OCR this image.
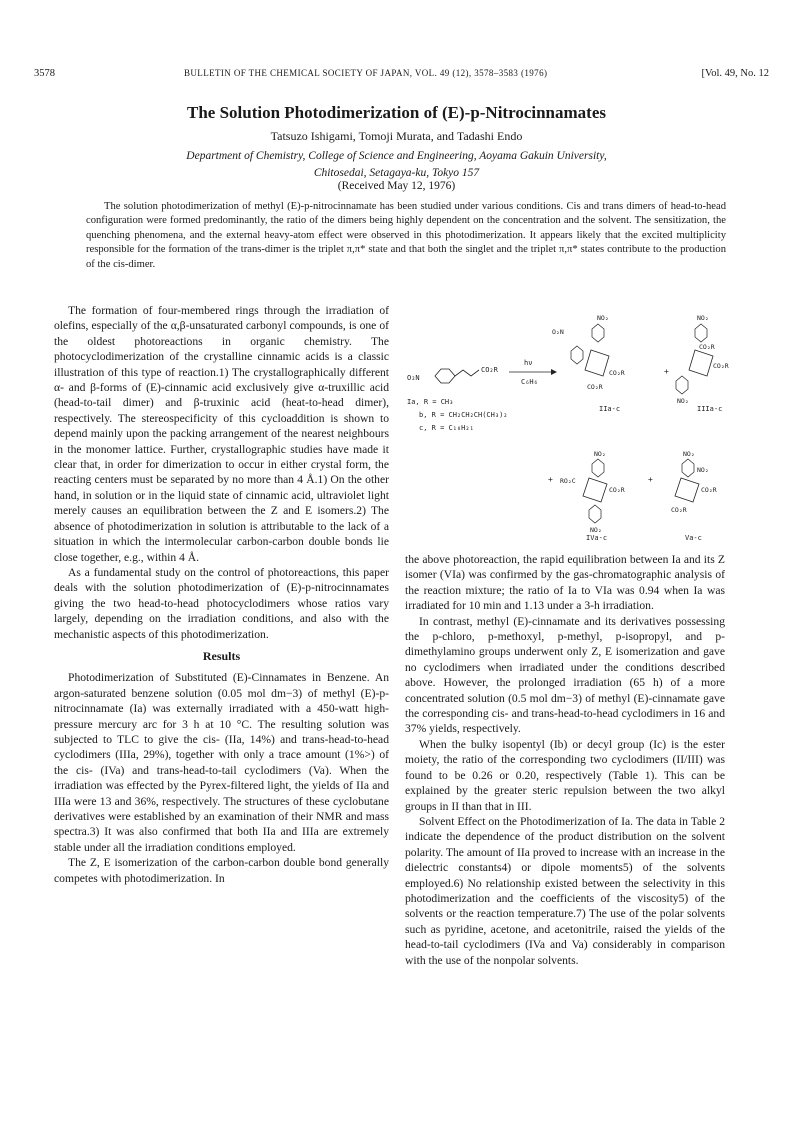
3578	BULLETIN OF THE CHEMICAL SOCIETY OF JAPAN, VOL. 49 (12), 3578–3583 (1976)	[Vol. 49, No. 12
The Solution Photodimerization of (E)-p-Nitrocinnamates
Tatsuzo Ishigami, Tomoji Murata, and Tadashi Endo
Department of Chemistry, College of Science and Engineering, Aoyama Gakuin University,
Chitosedai, Setagaya-ku, Tokyo 157
(Received May 12, 1976)
The solution photodimerization of methyl (E)-p-nitrocinnamate has been studied under various conditions. Cis and trans dimers of head-to-head configuration were formed predominantly, the ratio of the dimers being highly dependent on the concentration and the solvent. The sensitization, the quenching phenomena, and the external heavy-atom effect were observed in this photodimerization. It appears likely that the excited multiplicity responsible for the formation of the trans-dimer is the triplet π,π* state and that both the singlet and the triplet π,π* states contribute to the production of the cis-dimer.

The formation of four-membered rings through the irradiation of olefins, especially of the α,β-unsaturated carbonyl compounds, is one of the oldest photoreactions in organic chemistry. The photocyclodimerization of the crystalline cinnamic acids is a classic illustration of this type of reaction.1) The crystallographically different α- and β-forms of (E)-cinnamic acid exclusively give α-truxillic acid (head-to-tail dimer) and β-truxinic acid (heat-to-head dimer), respectively. The stereospecificity of this cycloaddition is shown to depend mainly upon the packing arrangement of the nearest neighbours in the monomer lattice. Further, crystallographic studies have made it clear that, in order for dimerization to occur in either crystal form, the reacting centers must be separated by no more than 4 Å.1) On the other hand, in solution or in the liquid state of cinnamic acid, ultraviolet light merely causes an equilibration between the Z and E isomers.2) The absence of photodimerization in solution is attributable to the lack of a situation in which the intermolecular carbon-carbon double bonds lie close together, e.g., within 4 Å.

As a fundamental study on the control of photoreactions, this paper deals with the solution photodimerization of (E)-p-nitrocinnamates giving the two head-to-head photocyclodimers whose ratios vary largely, depending on the irradiation conditions, and also with the mechanistic aspects of this photodimerization.

Results

Photodimerization of Substituted (E)-Cinnamates in Benzene. An argon-saturated benzene solution (0.05 mol dm−3) of methyl (E)-p-nitrocinnamate (Ia) was externally irradiated with a 450-watt high-pressure mercury arc for 3 h at 10 °C. The resulting solution was subjected to TLC to give the cis- (IIa, 14%) and trans-head-to-head cyclodimers (IIIa, 29%), together with only a trace amount (1%>) of the cis- (IVa) and trans-head-to-tail cyclodimers (Va). When the irradiation was effected by the Pyrex-filtered light, the yields of IIa and IIIa were 13 and 36%, respectively. The structures of these cyclobutane derivatives were established by an examination of their NMR and mass spectra.3) It was also confirmed that both IIa and IIIa are extremely stable under all the irradiation conditions employed.

The Z, E isomerization of the carbon-carbon double bond generally competes with photodimerization. In

O₂N
CO₂R
hν
C₆H₆
NO₂
O₂N
CO₂R
CO₂R
IIa-c
+
NO₂
CO₂R
CO₂R
NO₂
IIIa-c
Ia, R = CH₃
b, R = CH₂CH₂CH(CH₃)₂
c, R = C₁₀H₂₁
+
NO₂
RO₂C
CO₂R
NO₂
IVa-c
+
NO₂
NO₂
CO₂R
CO₂R
Va-c

the above photoreaction, the rapid equilibration between Ia and its Z isomer (VIa) was confirmed by the gas-chromatographic analysis of the reaction mixture; the ratio of Ia to VIa was 0.94 when Ia was irradiated for 10 min and 1.13 under a 3-h irradiation.

In contrast, methyl (E)-cinnamate and its derivatives possessing the p-chloro, p-methoxyl, p-methyl, p-isopropyl, and p-dimethylamino groups underwent only Z, E isomerization and gave no cyclodimers when irradiated under the conditions described above. However, the prolonged irradiation (65 h) of a more concentrated solution (0.5 mol dm−3) of methyl (E)-cinnamate gave the corresponding cis- and trans-head-to-head cyclodimers in 16 and 37% yields, respectively.

When the bulky isopentyl (Ib) or decyl group (Ic) is the ester moiety, the ratio of the corresponding two cyclodimers (II/III) was found to be 0.26 or 0.20, respectively (Table 1). This can be explained by the greater steric repulsion between the two alkyl groups in II than that in III.

Solvent Effect on the Photodimerization of Ia. The data in Table 2 indicate the dependence of the product distribution on the solvent polarity. The amount of IIa proved to increase with an increase in the dielectric constants4) or dipole moments5) of the solvents employed.6) No relationship existed between the selectivity in this photodimerization and the coefficients of the viscosity5) of the solvents or the reaction temperature.7) The use of the polar solvents such as pyridine, acetone, and acetonitrile, raised the yields of the head-to-tail cyclodimers (IVa and Va) considerably in comparison with the use of the nonpolar solvents.
